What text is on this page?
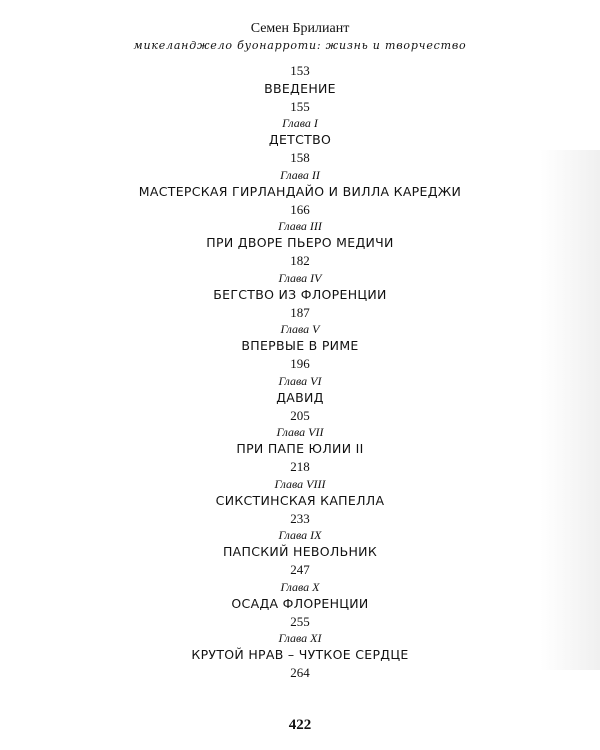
Семен Брилиант
микеланджело буонарроти: жизнь и творчество
153
ВВЕДЕНИЕ
155
Глава I
ДЕТСТВО
158
Глава II
МАСТЕРСКАЯ ГИРЛАНДАЙО И ВИЛЛА КАРЕДЖИ
166
Глава III
ПРИ ДВОРЕ ПЬЕРО МЕДИЧИ
182
Глава IV
БЕГСТВО ИЗ ФЛОРЕНЦИИ
187
Глава V
ВПЕРВЫЕ В РИМЕ
196
Глава VI
ДАВИД
205
Глава VII
ПРИ ПАПЕ ЮЛИИ II
218
Глава VIII
СИКСТИНСКАЯ КАПЕЛЛА
233
Глава IX
ПАПСКИЙ НЕВОЛЬНИК
247
Глава X
ОСАДА ФЛОРЕНЦИИ
255
Глава XI
КРУТОЙ НРАВ – ЧУТКОЕ СЕРДЦЕ
264
422
